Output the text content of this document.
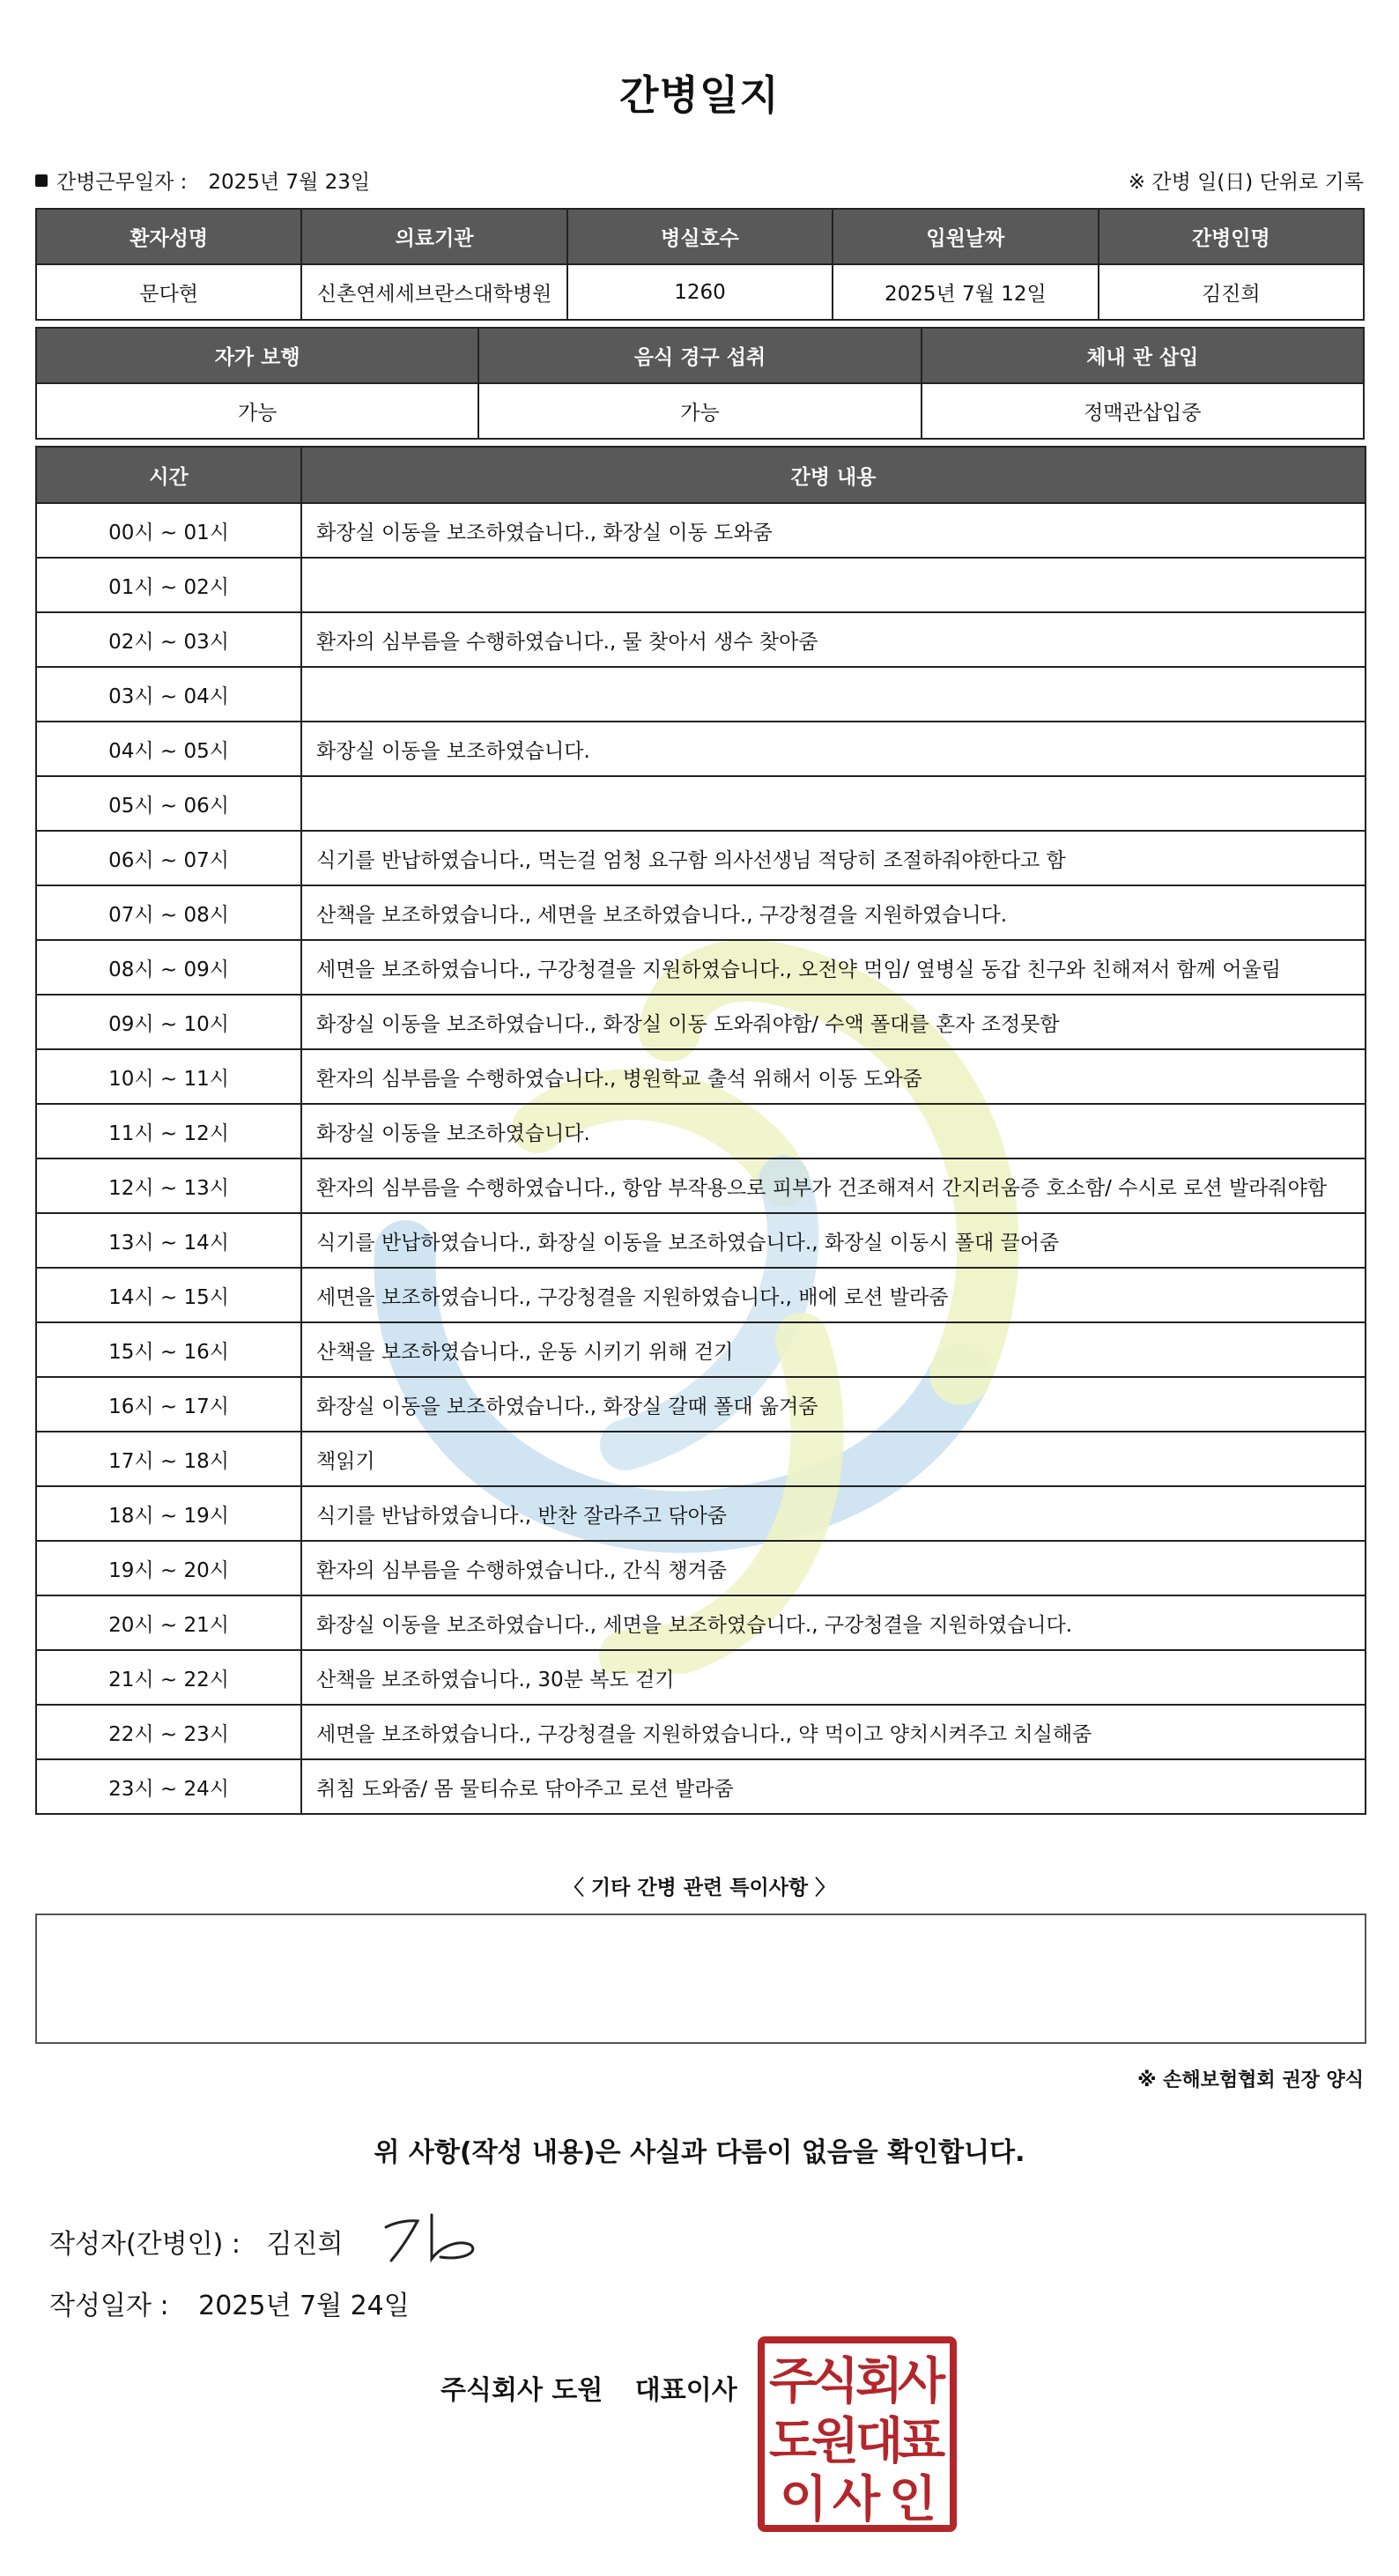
간병일지
간병근무일자 : 2025년 7월 23일	※ 간병 일(日) 단위로 기록
환자성명	의료기관	병실호수	입원날짜	간병인명
문다현	신촌연세세브란스대학병원	1260	2025년 7월 12일	김진희
자가 보행	음식 경구 섭취	체내 관 삽입
가능	가능	정맥관삽입중
시간	간병 내용
00시 ~ 01시	화장실 이동을 보조하였습니다., 화장실 이동 도와줌
01시 ~ 02시	
02시 ~ 03시	환자의 심부름을 수행하였습니다., 물 찾아서 생수 찾아줌
03시 ~ 04시	
04시 ~ 05시	화장실 이동을 보조하였습니다.
05시 ~ 06시	
06시 ~ 07시	식기를 반납하였습니다., 먹는걸 엄청 요구함 의사선생님 적당히 조절하줘야한다고 함
07시 ~ 08시	산책을 보조하였습니다., 세면을 보조하였습니다., 구강청결을 지원하였습니다.
08시 ~ 09시	세면을 보조하였습니다., 구강청결을 지원하였습니다., 오전약 먹임/ 옆병실 동갑 친구와 친해져서 함께 어울림
09시 ~ 10시	화장실 이동을 보조하였습니다., 화장실 이동 도와줘야함/ 수액 폴대를 혼자 조정못함
10시 ~ 11시	환자의 심부름을 수행하였습니다., 병원학교 출석 위해서 이동 도와줌
11시 ~ 12시	화장실 이동을 보조하였습니다.
12시 ~ 13시	환자의 심부름을 수행하였습니다., 항암 부작용으로 피부가 건조해져서 간지러움증 호소함/ 수시로 로션 발라줘야함
13시 ~ 14시	식기를 반납하였습니다., 화장실 이동을 보조하였습니다., 화장실 이동시 폴대 끌어줌
14시 ~ 15시	세면을 보조하였습니다., 구강청결을 지원하였습니다., 배에 로션 발라줌
15시 ~ 16시	산책을 보조하였습니다., 운동 시키기 위해 걷기
16시 ~ 17시	화장실 이동을 보조하였습니다., 화장실 갈때 폴대 옮겨줌
17시 ~ 18시	책읽기
18시 ~ 19시	식기를 반납하였습니다., 반찬 잘라주고 닦아줌
19시 ~ 20시	환자의 심부름을 수행하였습니다., 간식 챙겨줌
20시 ~ 21시	화장실 이동을 보조하였습니다., 세면을 보조하였습니다., 구강청결을 지원하였습니다.
21시 ~ 22시	산책을 보조하였습니다., 30분 복도 걷기
22시 ~ 23시	세면을 보조하였습니다., 구강청결을 지원하였습니다., 약 먹이고 양치시켜주고 치실해줌
23시 ~ 24시	취침 도와줌/ 몸 물티슈로 닦아주고 로션 발라줌
〈 기타 간병 관련 특이사항 〉
※ 손해보험협회 권장 양식
위 사항(작성 내용)은 사실과 다름이 없음을 확인합니다.
작성자(간병인) : 김진희
작성일자 : 2025년 7월 24일
주식회사 도원 대표이사 주
식
회
사
도
원
대
표
이 사 인
